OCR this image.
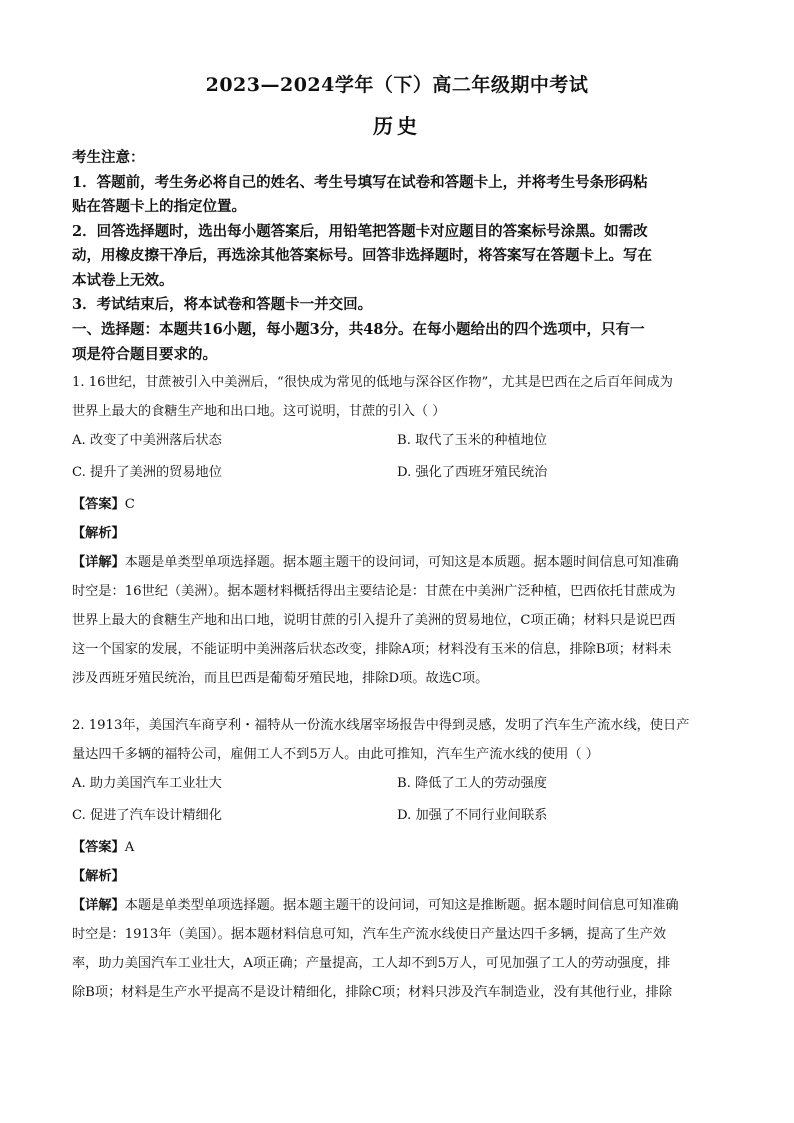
2023—2024学年（下）高二年级期中考试
历史
考生注意：
1．答题前，考生务必将自己的姓名、考生号填写在试卷和答题卡上，并将考生号条形码粘
贴在答题卡上的指定位置。
2．回答选择题时，选出每小题答案后，用铅笔把答题卡对应题目的答案标号涂黑。如需改
动，用橡皮擦干净后，再选涂其他答案标号。回答非选择题时，将答案写在答题卡上。写在
本试卷上无效。
3．考试结束后，将本试卷和答题卡一并交回。
一、选择题：本题共16小题，每小题3分，共48分。在每小题给出的四个选项中，只有一
项是符合题目要求的。
1. 16世纪，甘蔗被引入中美洲后，“很快成为常见的低地与深谷区作物”，尤其是巴西在之后百年间成为
世界上最大的食糖生产地和出口地。这可说明，甘蔗的引入（ ）
A. 改变了中美洲落后状态	B. 取代了玉米的种植地位
C. 提升了美洲的贸易地位	D. 强化了西班牙殖民统治
【答案】C
【解析】
【详解】本题是单类型单项选择题。据本题主题干的设问词，可知这是本质题。据本题时间信息可知准确
时空是：16世纪（美洲）。据本题材料概括得出主要结论是：甘蔗在中美洲广泛种植，巴西依托甘蔗成为
世界上最大的食糖生产地和出口地，说明甘蔗的引入提升了美洲的贸易地位，C项正确；材料只是说巴西
这一个国家的发展，不能证明中美洲落后状态改变，排除A项；材料没有玉米的信息，排除B项；材料未
涉及西班牙殖民统治，而且巴西是葡萄牙殖民地，排除D项。故选C项。
2. 1913年，美国汽车商亨利・福特从一份流水线屠宰场报告中得到灵感，发明了汽车生产流水线，使日产
量达四千多辆的福特公司，雇佣工人不到5万人。由此可推知，汽车生产流水线的使用（ ）
A. 助力美国汽车工业壮大	B. 降低了工人的劳动强度
C. 促进了汽车设计精细化	D. 加强了不同行业间联系
【答案】A
【解析】
【详解】本题是单类型单项选择题。据本题主题干的设问词，可知这是推断题。据本题时间信息可知准确
时空是：1913年（美国）。据本题材料信息可知，汽车生产流水线使日产量达四千多辆，提高了生产效
率，助力美国汽车工业壮大，A项正确；产量提高，工人却不到5万人，可见加强了工人的劳动强度，排
除B项；材料是生产水平提高不是设计精细化，排除C项；材料只涉及汽车制造业，没有其他行业，排除
